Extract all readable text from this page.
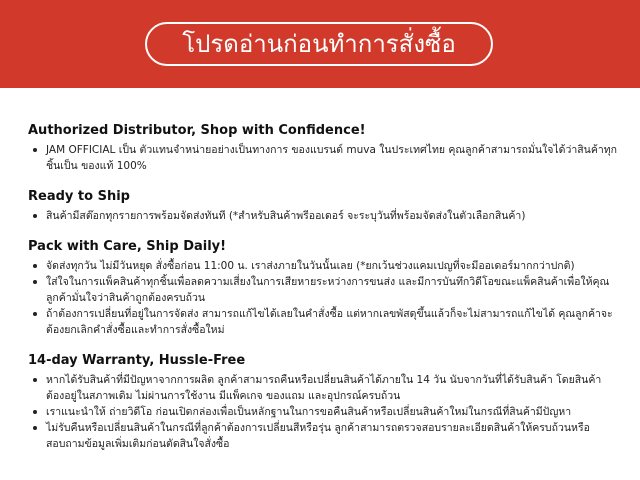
โปรดอ่านก่อนทำการสั่งซื้อ
Authorized Distributor, Shop with Confidence!
JAM OFFICIAL เป็น ตัวแทนจำหน่ายอย่างเป็นทางการ ของแบรนด์ muva ในประเทศไทย คุณลูกค้าสามารถมั่นใจได้ว่าสินค้าทุกชิ้นเป็น ของแท้ 100%
Ready to Ship
สินค้ามีสต๊อกทุกรายการพร้อมจัดส่งทันที (*สำหรับสินค้าพรีออเดอร์ จะระบุวันที่พร้อมจัดส่งในตัวเลือกสินค้า)
Pack with Care, Ship Daily!
จัดส่งทุกวัน ไม่มีวันหยุด สั่งซื้อก่อน 11:00 น. เราส่งภายในวันนั้นเลย (*ยกเว้นช่วงแคมเปญที่จะมีออเดอร์มากกว่าปกติ)
ใส่ใจในการแพ็คสินค้าทุกชิ้นเพื่อลดความเสี่ยงในการเสียหายระหว่างการขนส่ง และมีการบันทึกวิดีโอขณะแพ็คสินค้าเพื่อให้คุณลูกค้ามั่นใจว่าสินค้าถูกต้องครบถ้วน
ถ้าต้องการเปลี่ยนที่อยู่ในการจัดส่ง สามารถแก้ไขได้เลยในคำสั่งซื้อ แต่หากเลขพัสดุขึ้นแล้วก็จะไม่สามารถแก้ไขได้ คุณลูกค้าจะต้องยกเลิกคำสั่งซื้อและทำการสั่งซื้อใหม่
14-day Warranty, Hussle-Free
หากได้รับสินค้าที่มีปัญหาจากการผลิต ลูกค้าสามารถคืนหรือเปลี่ยนสินค้าได้ภายใน 14 วัน นับจากวันที่ได้รับสินค้า โดยสินค้าต้องอยู่ในสภาพเดิม ไม่ผ่านการใช้งาน มีแพ็คเกจ ของแถม และอุปกรณ์ครบถ้วน
เราแนะนำให้ ถ่ายวิดีโอ ก่อนเปิดกล่องเพื่อเป็นหลักฐานในการขอคืนสินค้าหรือเปลี่ยนสินค้าใหม่ในกรณีที่สินค้ามีปัญหา
ไม่รับคืนหรือเปลี่ยนสินค้าในกรณีที่ลูกค้าต้องการเปลี่ยนสีหรือรุ่น ลูกค้าสามารถตรวจสอบรายละเอียดสินค้าให้ครบถ้วนหรือสอบถามข้อมูลเพิ่มเติมก่อนตัดสินใจสั่งซื้อ
